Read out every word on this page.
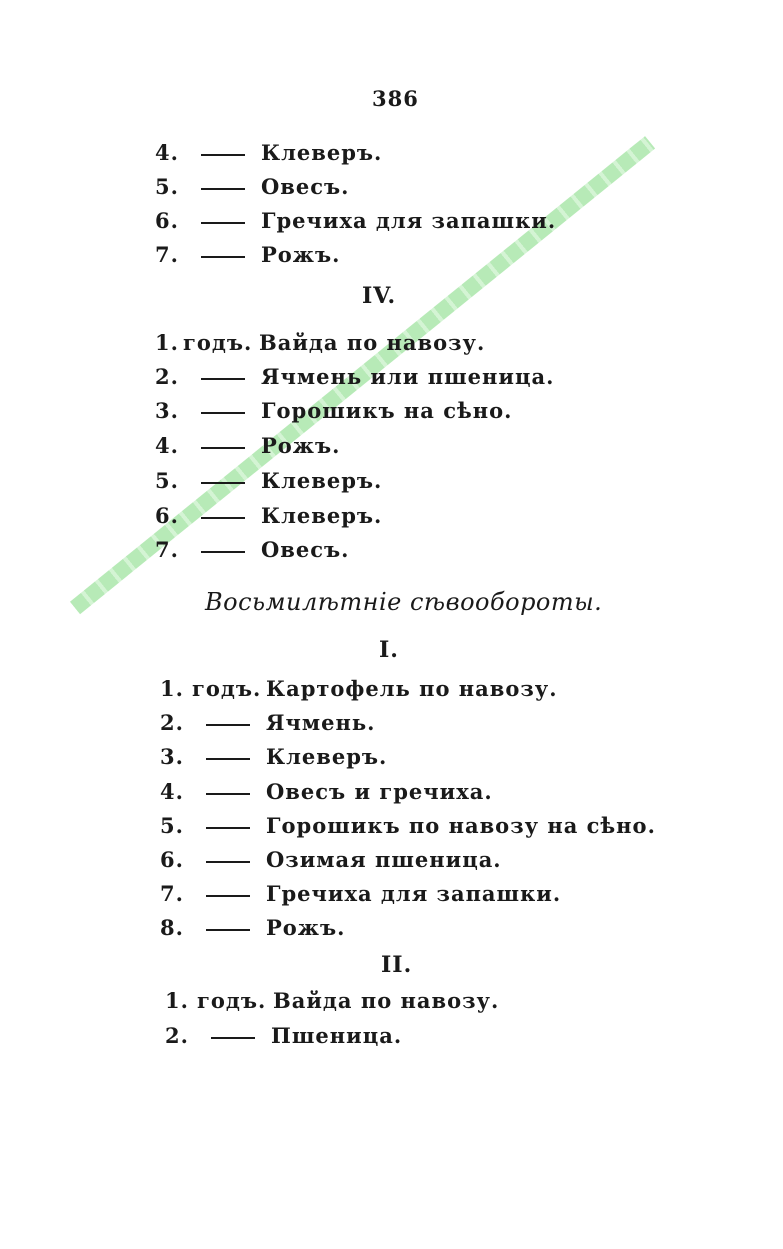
386
4.	Клеверъ.
5.	Овесъ.
6.	Гречиха для запашки.
7.	Рожъ.
IV.
1. годъ. Вайда по навозу.
2.	Ячмень или пшеница.
3.	Горошикъ на сѣно.
4.	Рожъ.
5.	Клеверъ.
6.	Клеверъ.
7.	Овесъ.
Восьмилѣтніе сѣвообороты.
I.
1. годъ. Картофель по навозу.
2.	Ячмень.
3.	Клеверъ.
4.	Овесъ и гречиха.
5.	Горошикъ по навозу на сѣно.
6.	Озимая пшеница.
7.	Гречиха для запашки.
8.	Рожъ.
II.
1. годъ. Вайда по навозу.
2.	Пшеница.
